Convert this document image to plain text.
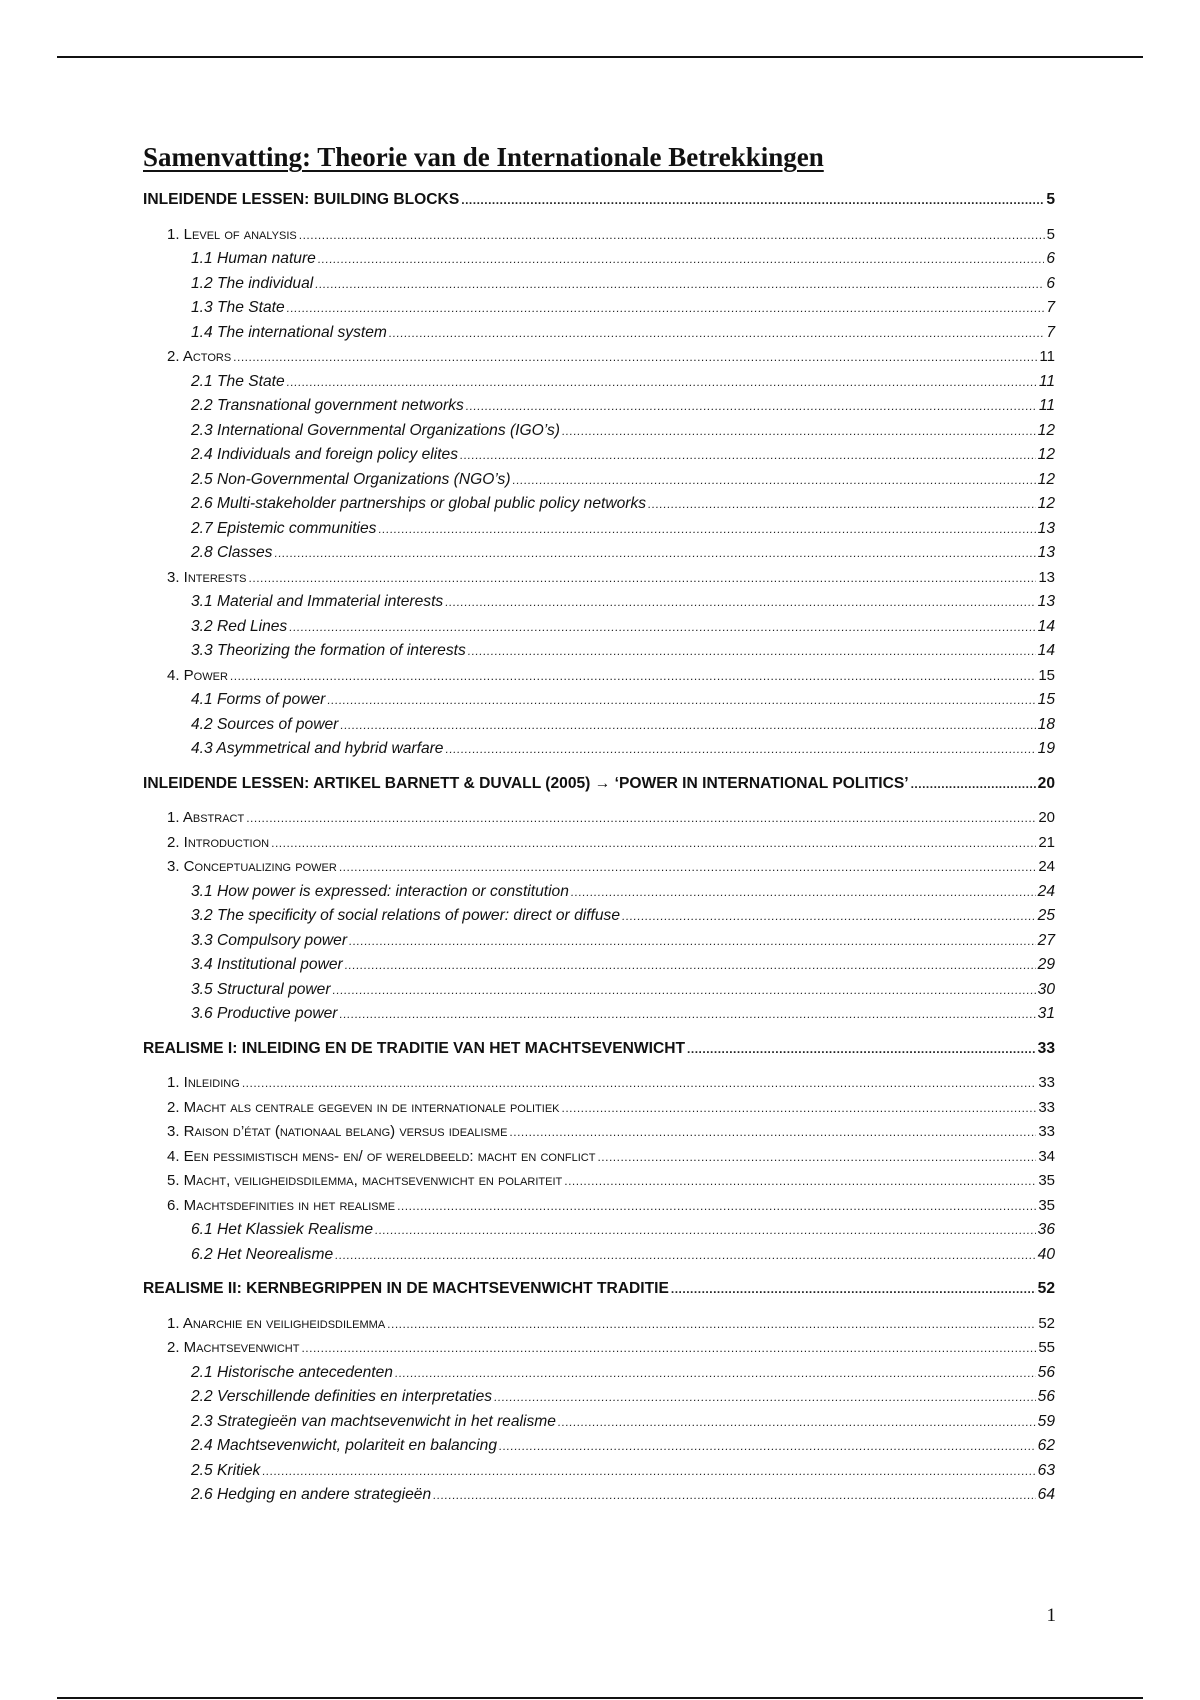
Samenvatting: Theorie van de Internationale Betrekkingen
INLEIDENDE LESSEN: BUILDING BLOCKS .....	5
1. Level of analysis .....	5
1.1 Human nature .....	6
1.2 The individual .....	6
1.3 The State .....	7
1.4 The international system .....	7
2. Actors .....	11
2.1 The State .....	11
2.2 Transnational government networks .....	11
2.3 International Governmental Organizations (IGO’s) .....	12
2.4 Individuals and foreign policy elites .....	12
2.5 Non-Governmental Organizations (NGO’s) .....	12
2.6 Multi-stakeholder partnerships or global public policy networks .....	12
2.7 Epistemic communities .....	13
2.8 Classes .....	13
3. Interests .....	13
3.1 Material and Immaterial interests .....	13
3.2 Red Lines .....	14
3.3 Theorizing the formation of interests .....	14
4. Power .....	15
4.1 Forms of power .....	15
4.2 Sources of power .....	18
4.3 Asymmetrical and hybrid warfare .....	19
INLEIDENDE LESSEN: ARTIKEL BARNETT & DUVALL (2005) → ‘POWER IN INTERNATIONAL POLITICS’ .....	20
1. Abstract .....	20
2. Introduction .....	21
3. Conceptualizing power .....	24
3.1 How power is expressed: interaction or constitution .....	24
3.2 The specificity of social relations of power: direct or diffuse .....	25
3.3 Compulsory power .....	27
3.4 Institutional power .....	29
3.5 Structural power .....	30
3.6 Productive power .....	31
REALISME I: INLEIDING EN DE TRADITIE VAN HET MACHTSEVENWICHT .....	33
1. Inleiding .....	33
2. Macht als centrale gegeven in de internationale politiek .....	33
3. Raison d’état (nationaal belang) versus idealisme .....	33
4. Een pessimistisch mens- en/ of wereldbeeld: macht en conflict .....	34
5. Macht, veiligheidsdilemma, machtsevenwicht en polariteit .....	35
6. Machtsdefinities in het realisme .....	35
6.1 Het Klassiek Realisme .....	36
6.2 Het Neorealisme .....	40
REALISME II: KERNBEGRIPPEN IN DE MACHTSEVENWICHT TRADITIE .....	52
1. Anarchie en veiligheidsdilemma .....	52
2. Machtsevenwicht .....	55
2.1 Historische antecedenten .....	56
2.2 Verschillende definities en interpretaties .....	56
2.3 Strategieën van machtsevenwicht in het realisme .....	59
2.4 Machtsevenwicht, polariteit en balancing .....	62
2.5 Kritiek .....	63
2.6 Hedging en andere strategieën .....	64
1
